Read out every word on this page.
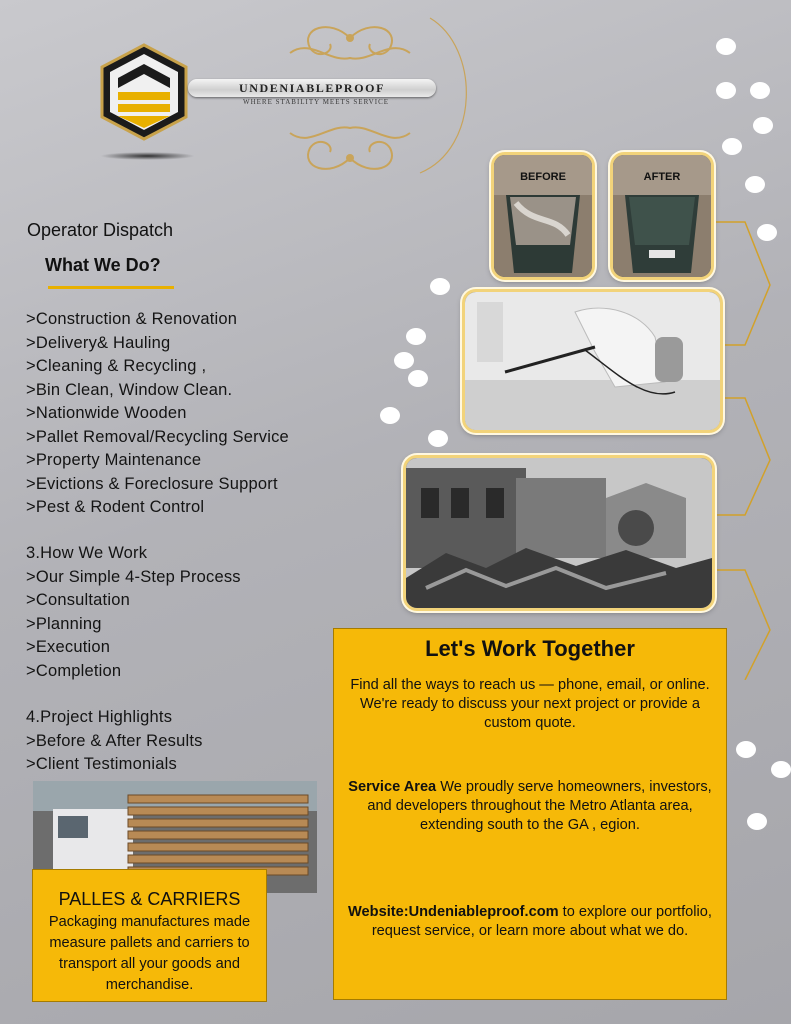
UNDENIABLEPROOF
WHERE STABILITY MEETS SERVICE
Operator Dispatch
What We Do?
>Construction & Renovation
>Delivery& Hauling
>Cleaning & Recycling ,
>Bin Clean, Window Clean.
>Nationwide Wooden
>Pallet Removal/Recycling Service
>Property Maintenance
>Evictions & Foreclosure Support
>Pest & Rodent Control
3.How We Work
>Our Simple 4-Step Process
>Consultation
>Planning
>Execution
>Completion
4.Project Highlights
>Before & After Results
>Client Testimonials
BEFORE	AFTER
Let's Work Together

Find all the ways to reach us — phone, email, or online. We're ready to discuss your next project or provide a custom quote.

Service Area We proudly serve homeowners, investors, and developers throughout the Metro Atlanta area, extending south to the GA , egion.

Website:Undeniableproof.com to explore our portfolio, request service, or learn more about what we do.

PALLES & CARRIERS

Packaging manufactures made measure pallets and carriers to transport all your goods and merchandise.
